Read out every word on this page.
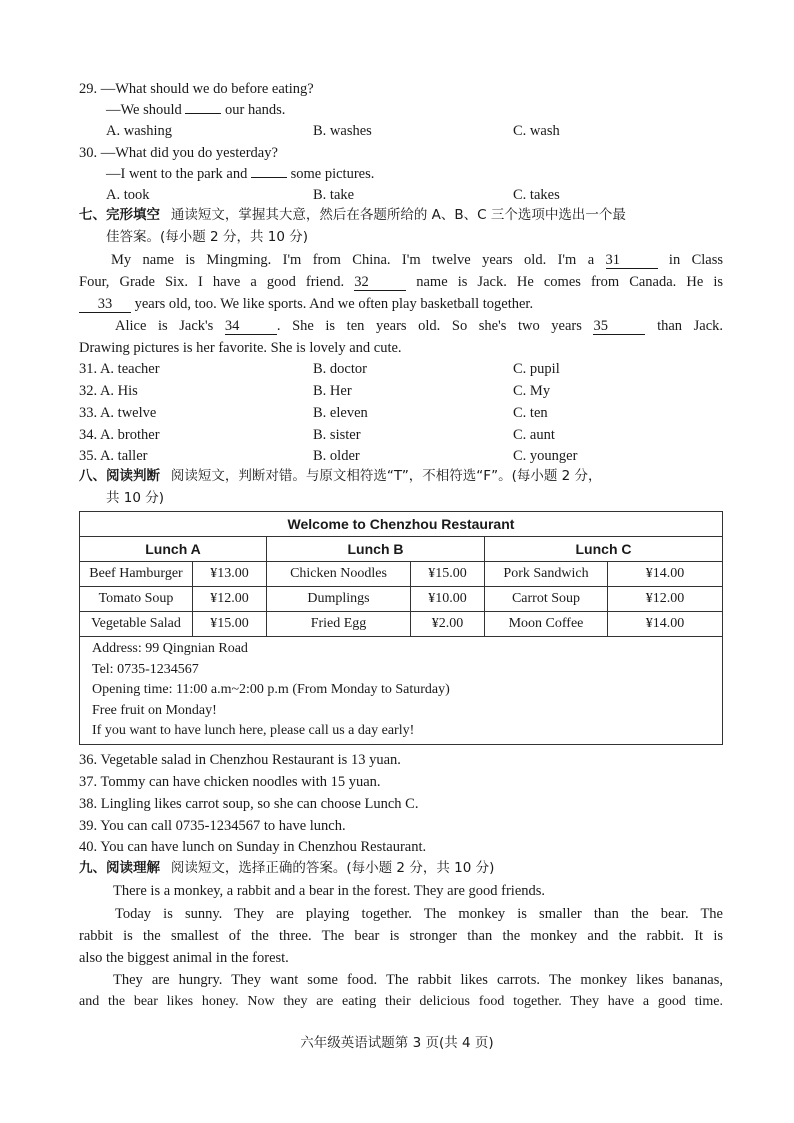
29. —What should we do before eating?
—We should  our hands.
A. washing	B. washes	C. wash
30. —What did you do yesterday?
—I went to the park and  some pictures.
A. took	B. take	C. takes
七、完形填空 通读短文，掌握其大意，然后在各题所给的 A、B、C 三个选项中选出一个最
佳答案。(每小题 2 分，共 10 分)
My name is Mingming. I'm from China. I'm twelve years old. I'm a 31	in Class
Four, Grade Six. I have a good friend. 32	name is Jack. He comes from Canada. He is
33 years old, too. We like sports. And we often play basketball together.
Alice is Jack's 34	. She is ten years old. So she's two years 35	than Jack.
Drawing pictures is her favorite. She is lovely and cute.
31. A. teacher	B. doctor	C. pupil
32. A. His	B. Her	C. My
33. A. twelve	B. eleven	C. ten
34. A. brother	B. sister	C. aunt
35. A. taller	B. older	C. younger
八、阅读判断 阅读短文，判断对错。与原文相符选“T”，不相符选“F”。(每小题 2 分，
共 10 分)
Welcome to Chenzhou Restaurant					
Lunch A		Lunch B		Lunch C	
Beef Hamburger	¥13.00	Chicken Noodles	¥15.00	Pork Sandwich	¥14.00
Tomato Soup	¥12.00	Dumplings	¥10.00	Carrot Soup	¥12.00
Vegetable Salad	¥15.00	Fried Egg	¥2.00	Moon Coffee	¥14.00

Address: 99 Qingnian Road
Tel: 0735-1234567
Opening time: 11:00 a.m~2:00 p.m (From Monday to Saturday)
Free fruit on Monday!
If you want to have lunch here, please call us a day early!					
36. Vegetable salad in Chenzhou Restaurant is 13 yuan.
37. Tommy can have chicken noodles with 15 yuan.
38. Lingling likes carrot soup, so she can choose Lunch C.
39. You can call 0735-1234567 to have lunch.
40. You can have lunch on Sunday in Chenzhou Restaurant.
九、阅读理解 阅读短文，选择正确的答案。(每小题 2 分，共 10 分)
There is a monkey, a rabbit and a bear in the forest. They are good friends.
Today is sunny. They are playing together. The monkey is smaller than the bear. The
rabbit is the smallest of the three. The bear is stronger than the monkey and the rabbit. It is
also the biggest animal in the forest.
They are hungry. They want some food. The rabbit likes carrots. The monkey likes bananas,
and the bear likes honey. Now they are eating their delicious food together. They have a good time.
六年级英语试题第 3 页(共 4 页)
